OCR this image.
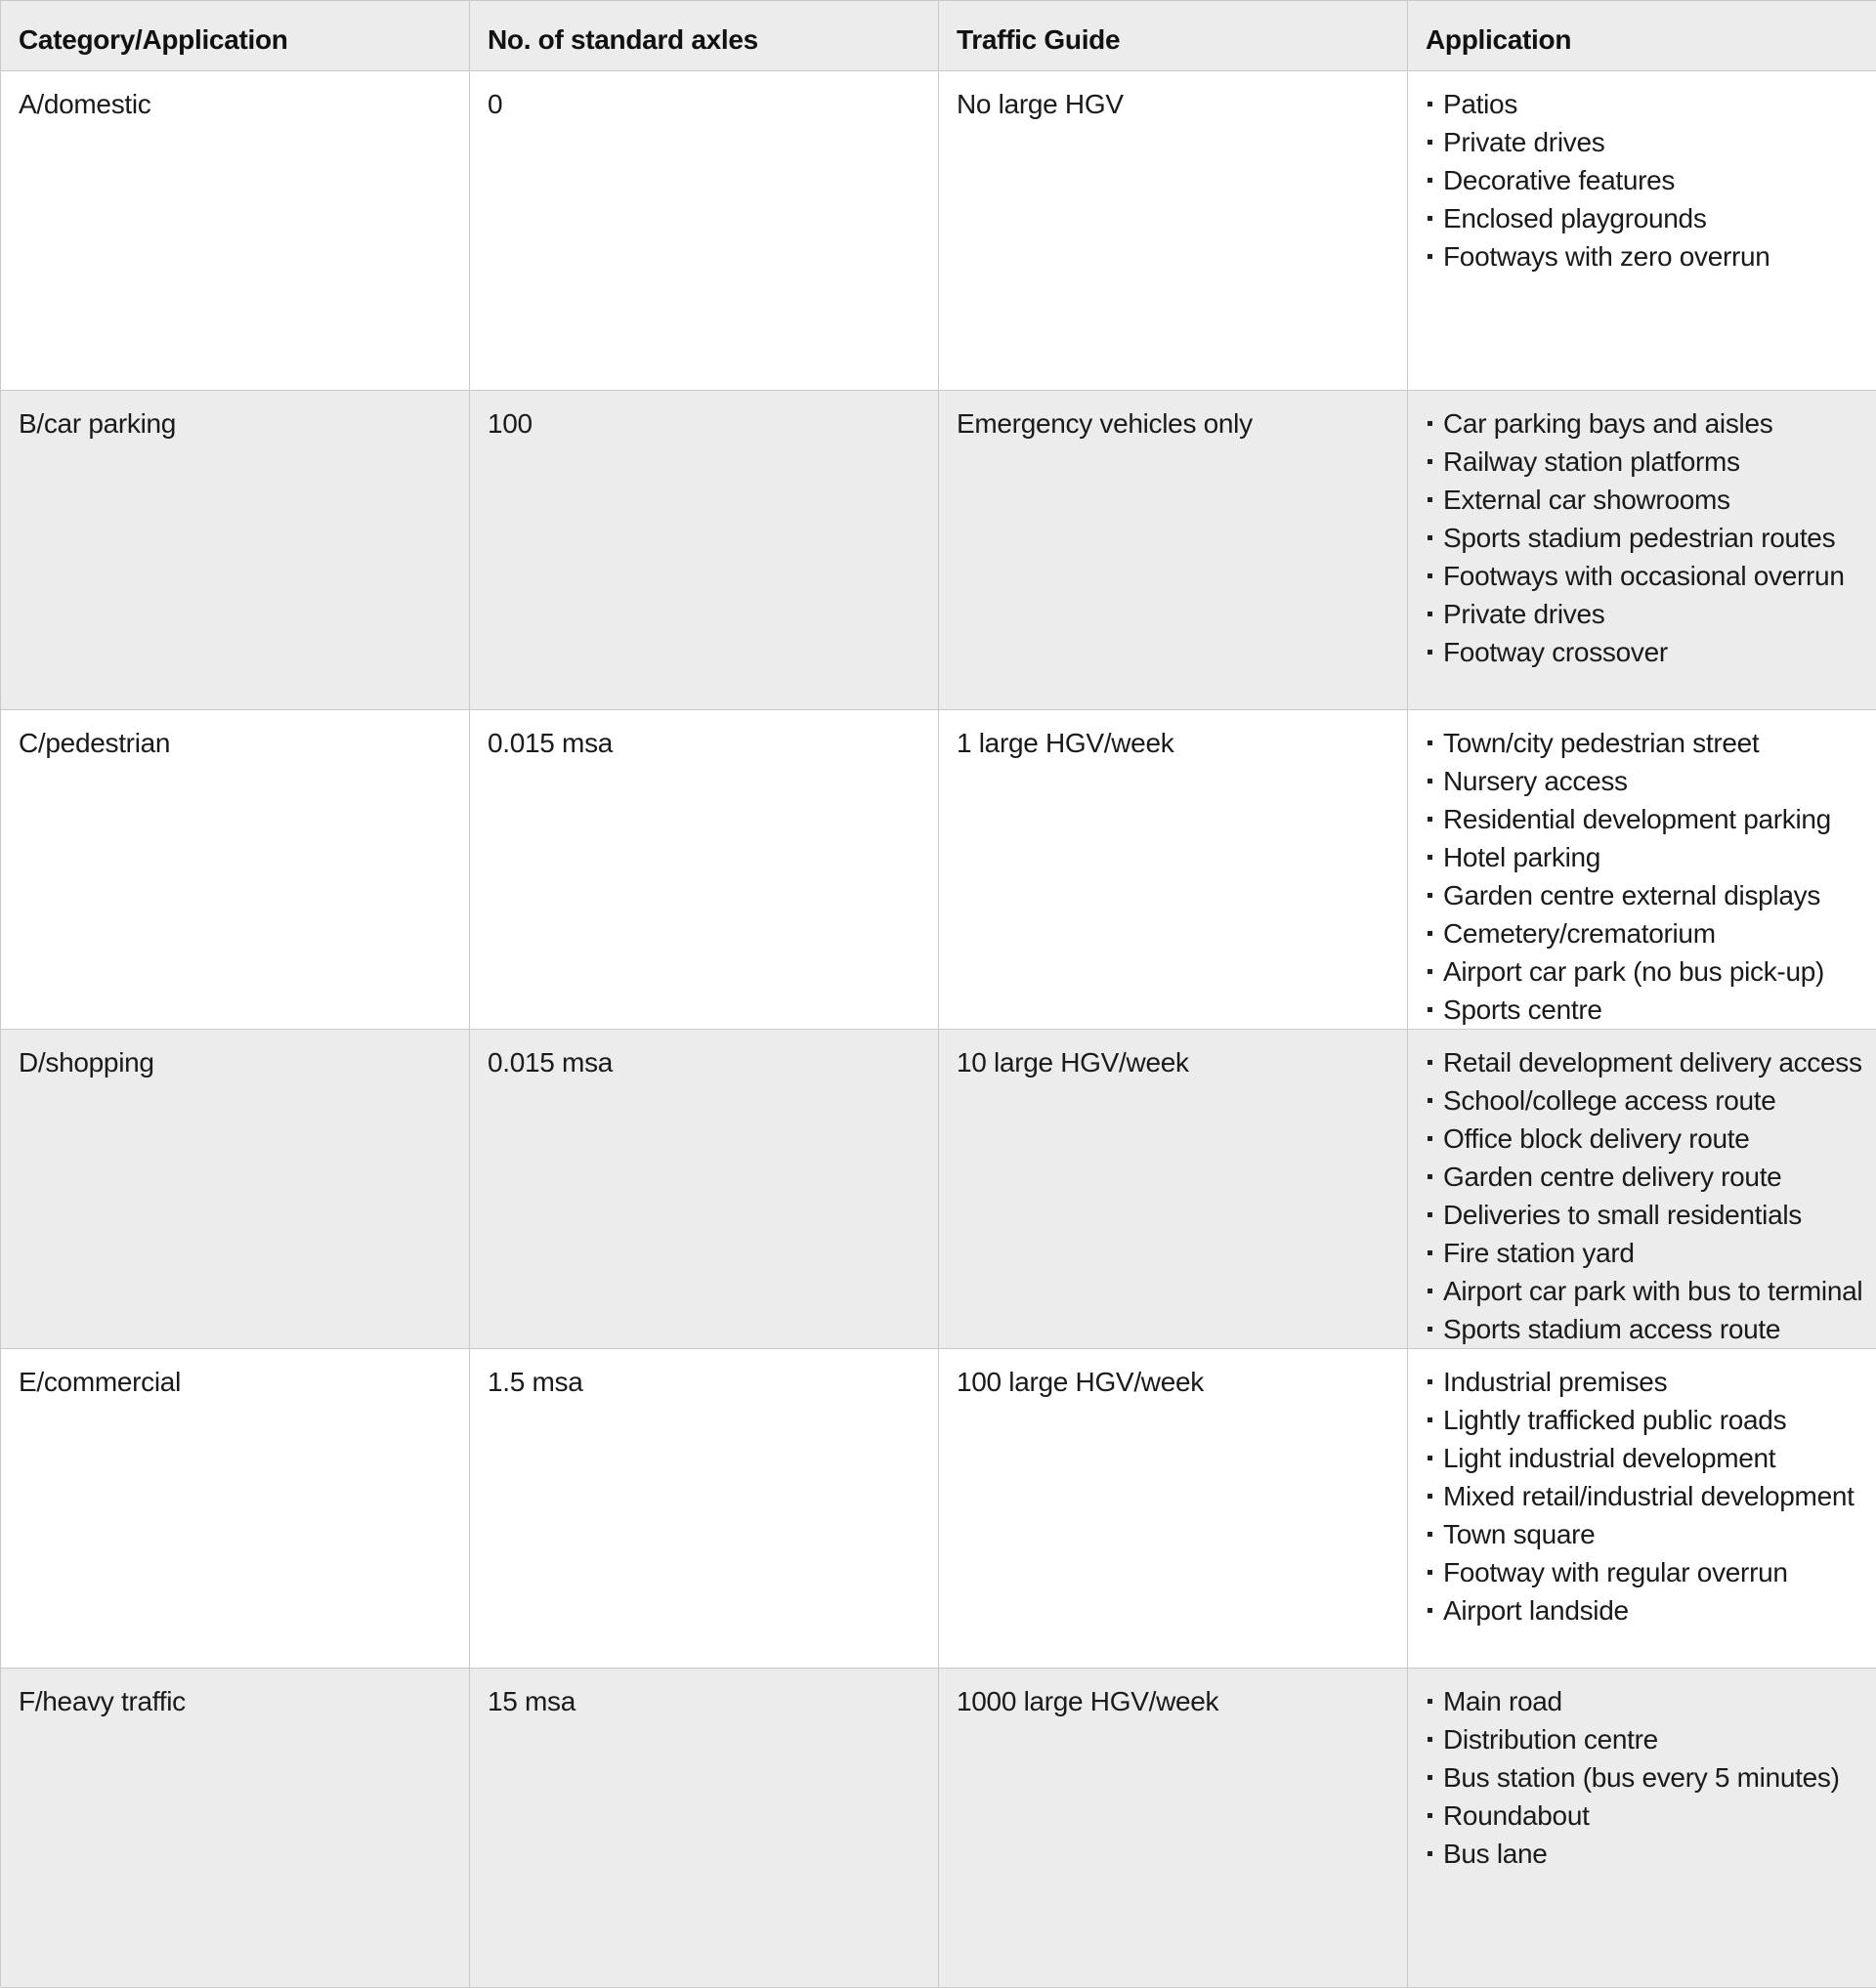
Category/Application	No. of standard axles	Traffic Guide	Application
A/domestic	0	No large HGV	Patios
Private drives
Decorative features
Enclosed playgrounds
Footways with zero overrun
B/car parking	100	Emergency vehicles only	Car parking bays and aisles
Railway station platforms
External car showrooms
Sports stadium pedestrian routes
Footways with occasional overrun
Private drives
Footway crossover
C/pedestrian	0.015 msa	1 large HGV/week	Town/city pedestrian street
Nursery access
Residential development parking
Hotel parking
Garden centre external displays
Cemetery/crematorium
Airport car park (no bus pick-up)
Sports centre
D/shopping	0.015 msa	10 large HGV/week	Retail development delivery access
School/college access route
Office block delivery route
Garden centre delivery route
Deliveries to small residentials
Fire station yard
Airport car park with bus to terminal
Sports stadium access route
E/commercial	1.5 msa	100 large HGV/week	Industrial premises
Lightly trafficked public roads
Light industrial development
Mixed retail/industrial development
Town square
Footway with regular overrun
Airport landside
F/heavy traffic	15 msa	1000 large HGV/week	Main road
Distribution centre
Bus station (bus every 5 minutes)
Roundabout
Bus lane
